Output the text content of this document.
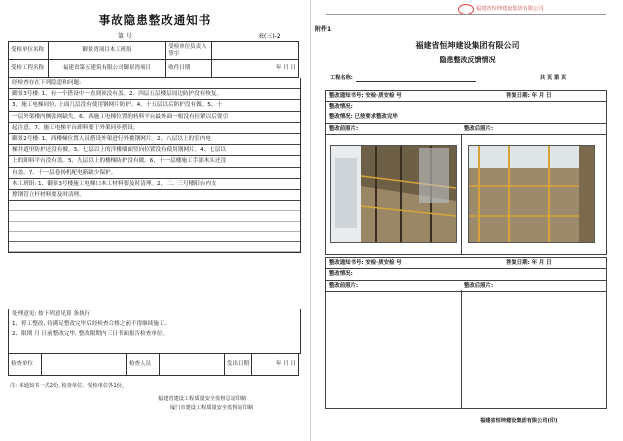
事故隐患整改通知书
第 号	表(三)-2
受检单位名称	御景湾项目木工班组	受检单位负责人签字	
受检工程名称	福建省第五建筑有限公司御景湾项目	收件日期	年 月 日
经检查存在下列隐患和问题:
御景3号楼: 1、有一个搭设中一直到顶没有盖。2、四层五层楼层周边防护没有恢复。
3、施工电梯同位, 上面几层没有使用钢网片防护。4、十五层以后防护没有做。5、十
一层外架楼内侧张网缺失。6、西施工电梯位置的转料平台最外面一根没有拉紧以后要引
起注意。7、施工电梯平台卸料要于外架同步搭设。
御景2号楼: 1、西楼梯位置人员搭设外架进行外挑钢网片。2、八层以上的室内电
梯井道里防护还没有做。3、七层以上的洋楼墙面竖向位置没有使用钢网片。4、七层以
上的卸料平台没有盖。5、九层以上的楼梯防护没有做。6、十一层楼施工手部木头还没
有盖。7、十一层卷扬机配电箱缺少保护。
木工班组: 1、御景3号楼施工电梯口木工材料要及时清理。2、二、三号楼阳台内支
撑钢管立杆材料要及时清理。
处理意见: 按下列意见算 条执行
1、停工整改, 待满足整改完毕后经检查合格之前不得继续施工。
2、限期 月 日前整改完毕, 整改限期内三日书面报告检查单位。
检查单位		检查人员		发出日期	年 月 日
注: 本通知书一式2份, 检查单位、受检单位各1份。
福建省建设工程质量安全监督总站印制
厦门市建设工程质量安全监督站印制
附件1
福建省恒坤建设集团有限公司
福建省恒坤建设集团有限公司
隐患整改反馈情况
工程名称:	共 页 第 页
整改通知书号: 安检·质安检 号	答复日期: 年 月 日
整改情况:
整改情况: 已按要求整改完毕
整改前照片:	整改后照片:
整改通知书号: 安检·质安检 号	答复日期: 年 月 日
整改情况:
整改前照片:	整改后照片:
福建省恒坤建设集团有限公司(印)
